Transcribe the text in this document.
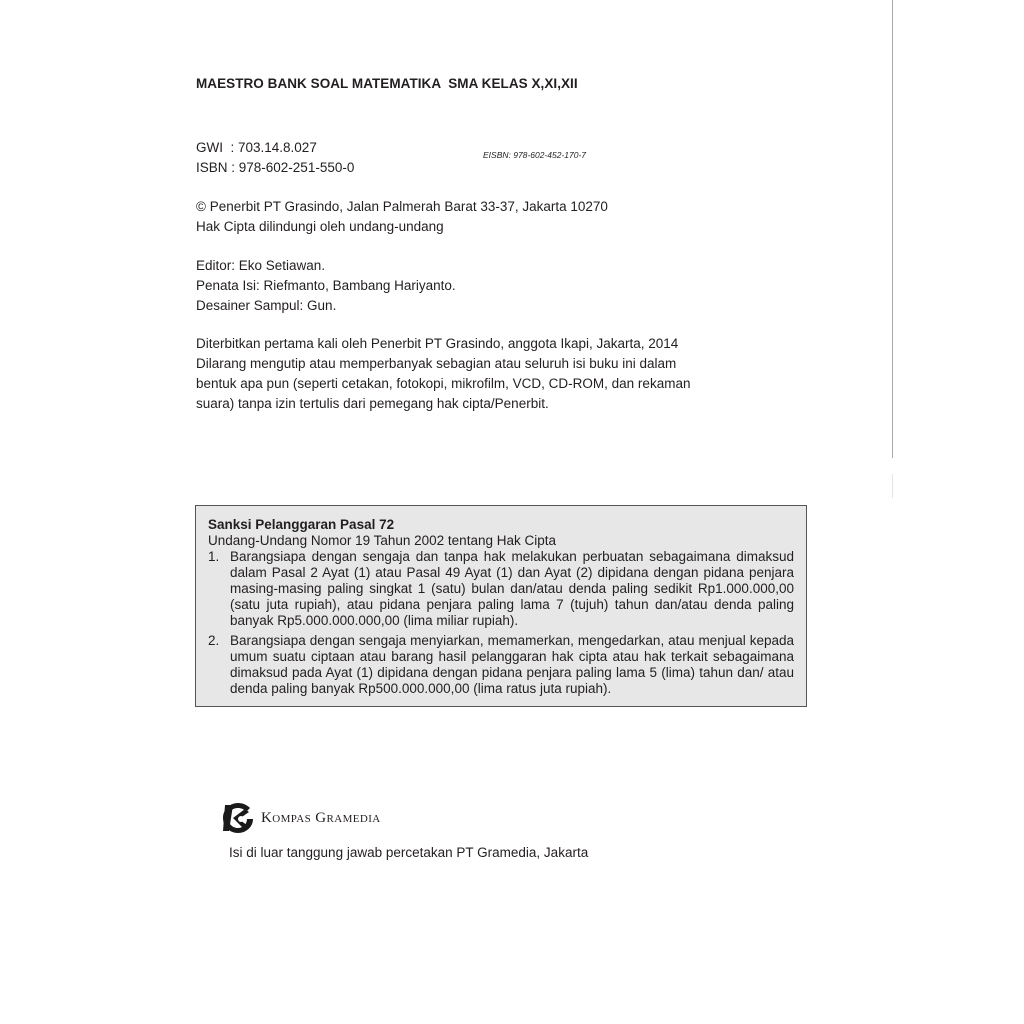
MAESTRO BANK SOAL MATEMATIKA  SMA KELAS X,XI,XII
GWI  : 703.14.8.027
ISBN : 978-602-251-550-0
EISBN: 978-602-452-170-7
© Penerbit PT Grasindo, Jalan Palmerah Barat 33-37, Jakarta 10270
Hak Cipta dilindungi oleh undang-undang
Editor: Eko Setiawan.
Penata Isi: Riefmanto, Bambang Hariyanto.
Desainer Sampul: Gun.
Diterbitkan pertama kali oleh Penerbit PT Grasindo, anggota Ikapi, Jakarta, 2014
Dilarang mengutip atau memperbanyak sebagian atau seluruh isi buku ini dalam
bentuk apa pun (seperti cetakan, fotokopi, mikrofilm, VCD, CD-ROM, dan rekaman
suara) tanpa izin tertulis dari pemegang hak cipta/Penerbit.
Sanksi Pelanggaran Pasal 72
Undang-Undang Nomor 19 Tahun 2002 tentang Hak Cipta
1. Barangsiapa dengan sengaja dan tanpa hak melakukan perbuatan sebagaimana dimaksud dalam Pasal 2 Ayat (1) atau Pasal 49 Ayat (1) dan Ayat (2) dipidana dengan pidana penjara masing-masing paling singkat 1 (satu) bulan dan/atau denda paling sedikit Rp1.000.000,00 (satu juta rupiah), atau pidana penjara paling lama 7 (tujuh) tahun dan/atau denda paling banyak Rp5.000.000.000,00 (lima miliar rupiah).
2. Barangsiapa dengan sengaja menyiarkan, memamerkan, mengedarkan, atau menjual kepada umum suatu ciptaan atau barang hasil pelanggaran hak cipta atau hak terkait sebagaimana dimaksud pada Ayat (1) dipidana dengan pidana penjara paling lama 5 (lima) tahun dan/ atau denda paling banyak Rp500.000.000,00 (lima ratus juta rupiah).
Kompas Gramedia
Isi di luar tanggung jawab percetakan PT Gramedia, Jakarta
